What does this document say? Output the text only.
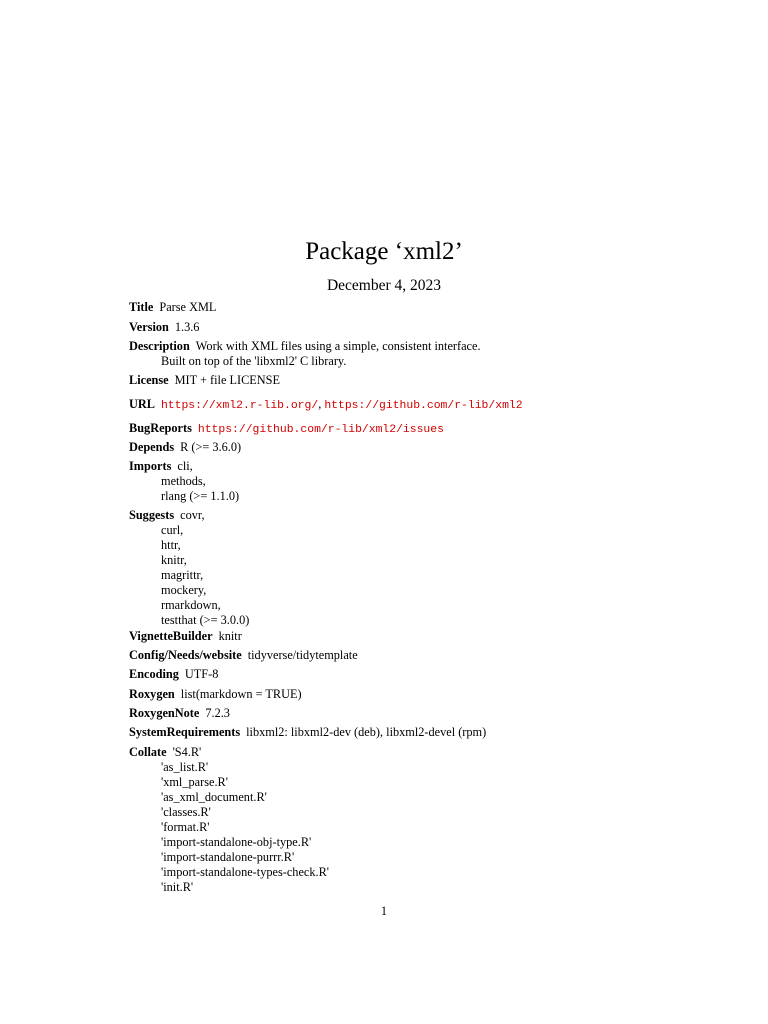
Package ‘xml2’
December 4, 2023
Title Parse XML
Version 1.3.6
Description Work with XML files using a simple, consistent interface.
Built on top of the 'libxml2' C library.
License MIT + file LICENSE
URL https://xml2.r-lib.org/, https://github.com/r-lib/xml2
BugReports https://github.com/r-lib/xml2/issues
Depends R (>= 3.6.0)
Imports cli,
methods,
rlang (>= 1.1.0)
Suggests covr,
curl,
httr,
knitr,
magrittr,
mockery,
rmarkdown,
testthat (>= 3.0.0)
VignetteBuilder knitr
Config/Needs/website tidyverse/tidytemplate
Encoding UTF-8
Roxygen list(markdown = TRUE)
RoxygenNote 7.2.3
SystemRequirements libxml2: libxml2-dev (deb), libxml2-devel (rpm)
Collate 'S4.R'
'as_list.R'
'xml_parse.R'
'as_xml_document.R'
'classes.R'
'format.R'
'import-standalone-obj-type.R'
'import-standalone-purrr.R'
'import-standalone-types-check.R'
'init.R'
1
